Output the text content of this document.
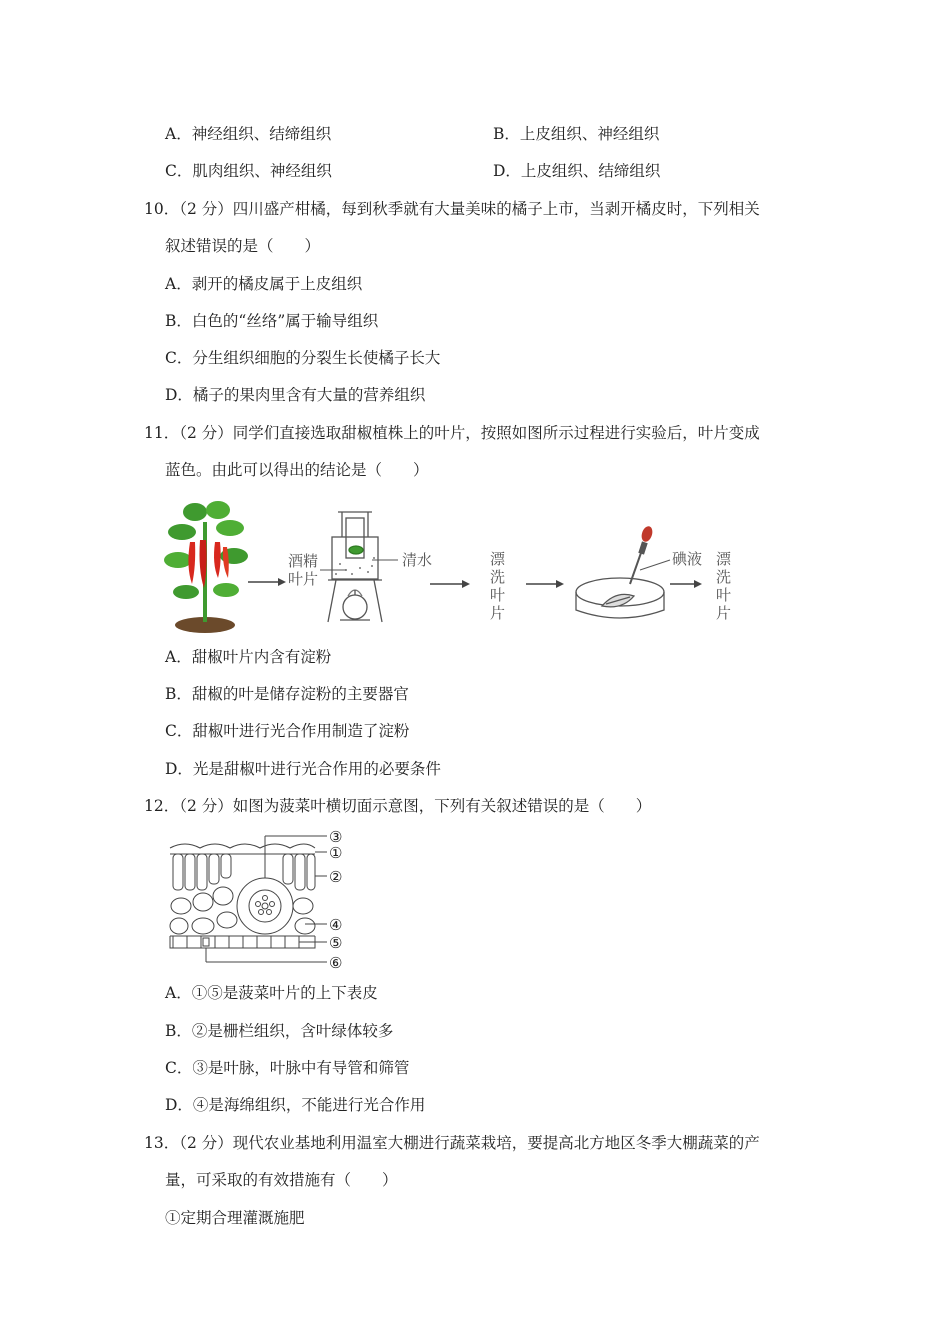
A．神经组织、结缔组织	B．上皮组织、神经组织
C．肌肉组织、神经组织	D．上皮组织、结缔组织
10．（2 分）四川盛产柑橘，每到秋季就有大量美味的橘子上市，当剥开橘皮时，下列相关
叙述错误的是（　　）
A．剥开的橘皮属于上皮组织
B．白色的“丝络”属于输导组织
C．分生组织细胞的分裂生长使橘子长大
D．橘子的果肉里含有大量的营养组织
11．（2 分）同学们直接选取甜椒植株上的叶片，按照如图所示过程进行实验后，叶片变成
蓝色。由此可以得出的结论是（　　）
酒精
叶片
清水	漂洗叶片
碘液 漂洗叶片
A．甜椒叶片内含有淀粉
B．甜椒的叶是储存淀粉的主要器官
C．甜椒叶进行光合作用制造了淀粉
D．光是甜椒叶进行光合作用的必要条件
12．（2 分）如图为菠菜叶横切面示意图，下列有关叙述错误的是（　　）
③
①
②
④
⑤
⑥
A．①⑤是菠菜叶片的上下表皮
B．②是栅栏组织，含叶绿体较多
C．③是叶脉，叶脉中有导管和筛管
D．④是海绵组织，不能进行光合作用
13．（2 分）现代农业基地利用温室大棚进行蔬菜栽培，要提高北方地区冬季大棚蔬菜的产
量，可采取的有效措施有（　　）
①定期合理灌溉施肥
